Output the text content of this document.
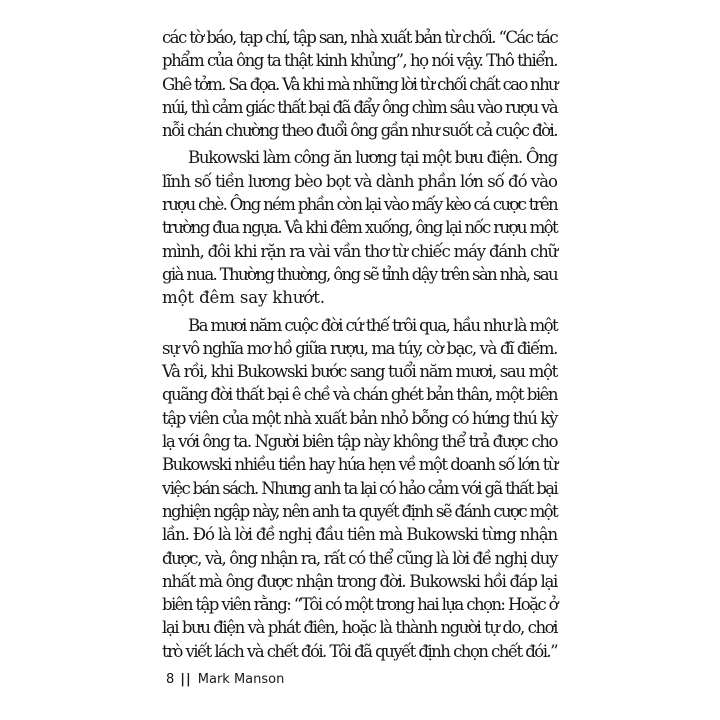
các tờ báo, tạp chí, tập san, nhà xuất bản từ chối. “Các tác
phẩm của ông ta thật kinh khủng”, họ nói vậy. Thô thiển.
Ghê tởm. Sa đọa. Và khi mà những lời từ chối chất cao như
núi, thì cảm giác thất bại đã đẩy ông chìm sâu vào rượu và
nỗi chán chường theo đuổi ông gần như suốt cả cuộc đời.
Bukowski làm công ăn lương tại một bưu điện. Ông
lĩnh số tiền lương bèo bọt và dành phần lớn số đó vào
rượu chè. Ông ném phần còn lại vào mấy kèo cá cược trên
trường đua ngựa. Và khi đêm xuống, ông lại nốc rượu một
mình, đôi khi rặn ra vài vần thơ từ chiếc máy đánh chữ
già nua. Thường thường, ông sẽ tỉnh dậy trên sàn nhà, sau
một đêm say khướt.
Ba mươi năm cuộc đời cứ thế trôi qua, hầu như là một
sự vô nghĩa mơ hồ giữa rượu, ma túy, cờ bạc, và đĩ điếm.
Và rồi, khi Bukowski bước sang tuổi năm mươi, sau một
quãng đời thất bại ê chề và chán ghét bản thân, một biên
tập viên của một nhà xuất bản nhỏ bỗng có hứng thú kỳ
lạ với ông ta. Người biên tập này không thể trả được cho
Bukowski nhiều tiền hay hứa hẹn về một doanh số lớn từ
việc bán sách. Nhưng anh ta lại có hảo cảm với gã thất bại
nghiện ngập này, nên anh ta quyết định sẽ đánh cược một
lần. Đó là lời đề nghị đầu tiên mà Bukowski từng nhận
được, và, ông nhận ra, rất có thể cũng là lời đề nghị duy
nhất mà ông được nhận trong đời. Bukowski hồi đáp lại
biên tập viên rằng: “Tôi có một trong hai lựa chọn: Hoặc ở
lại bưu điện và phát điên, hoặc là thành người tự do, chơi
trò viết lách và chết đói. Tôi đã quyết định chọn chết đói.”
8 || Mark Manson
